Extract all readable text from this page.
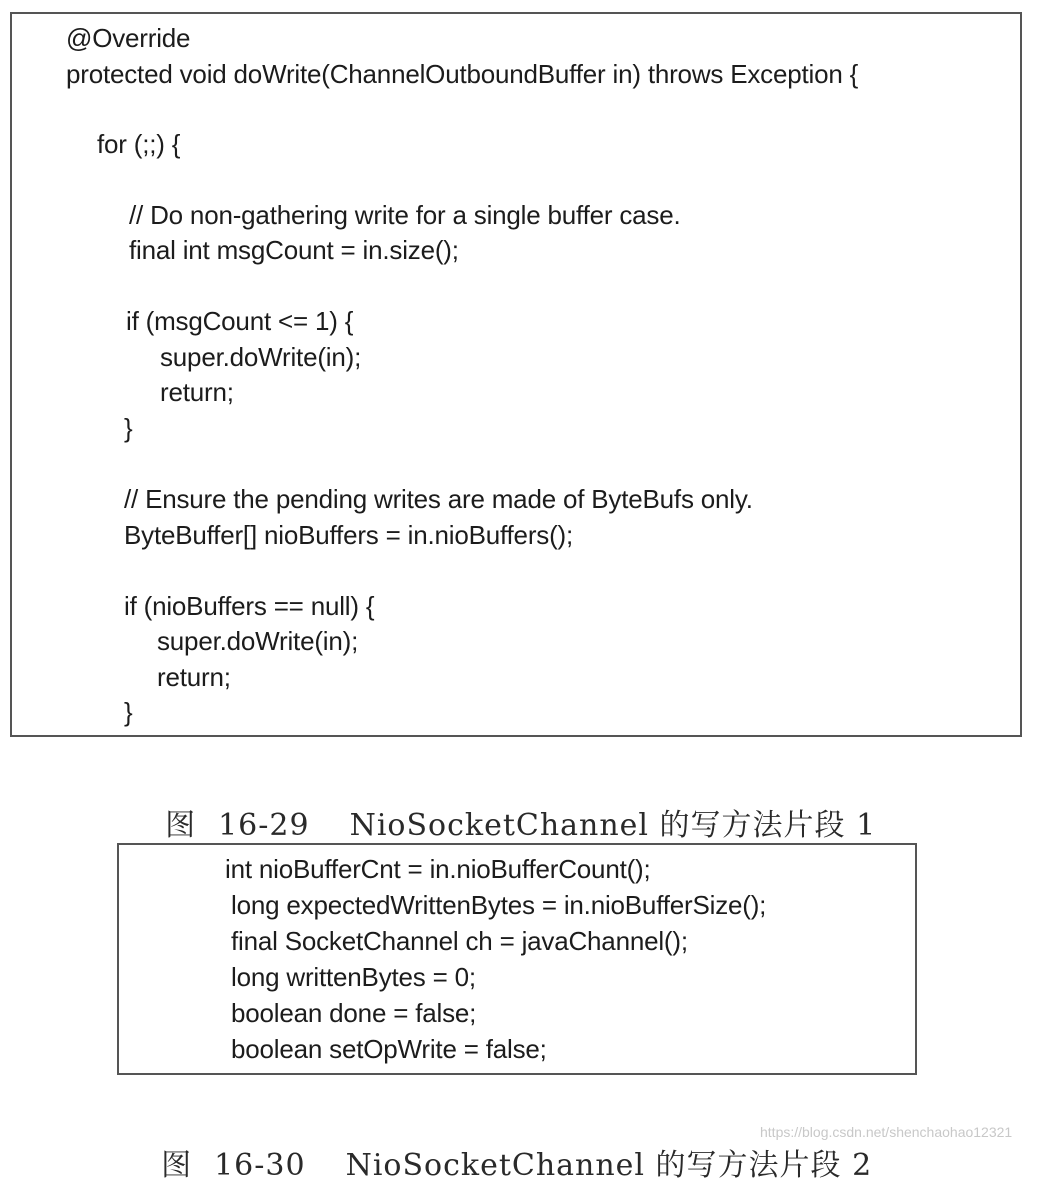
@Override
protected void doWrite(ChannelOutboundBuffer in) throws Exception {
for (;;) {
// Do non-gathering write for a single buffer case.
final int msgCount = in.size();
if (msgCount <= 1) {
super.doWrite(in);
return;
}
// Ensure the pending writes are made of ByteBufs only.
ByteBuffer[] nioBuffers = in.nioBuffers();
if (nioBuffers == null) {
super.doWrite(in);
return;
}

图 16-29 NioSocketChannel 的写方法片段 1

int nioBufferCnt = in.nioBufferCount();
long expectedWrittenBytes = in.nioBufferSize();
final SocketChannel ch = javaChannel();
long writtenBytes = 0;
boolean done = false;
boolean setOpWrite = false;

图 16-30 NioSocketChannel 的写方法片段 2

https://blog.csdn.net/shenchaohao12321
